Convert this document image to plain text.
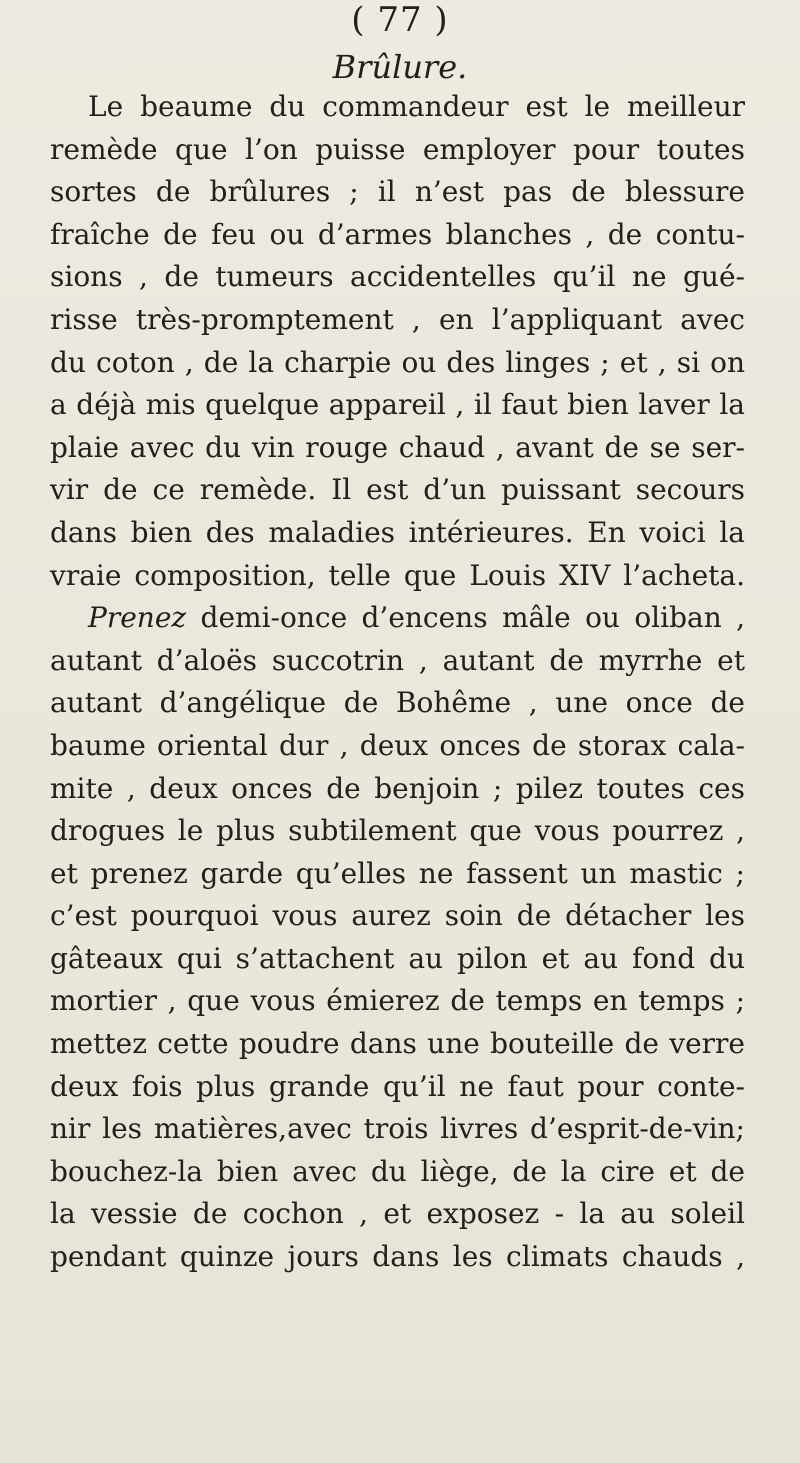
( 77 )
Brûlure.
Le beaume du commandeur est le meilleur
remède que l’on puisse employer pour toutes
sortes de brûlures ; il n’est pas de blessure
fraîche de feu ou d’armes blanches , de contu-
sions , de tumeurs accidentelles qu’il ne gué-
risse très-promptement , en l’appliquant avec
du coton , de la charpie ou des linges ; et , si on
a déjà mis quelque appareil , il faut bien laver la
plaie avec du vin rouge chaud , avant de se ser-
vir de ce remède. Il est d’un puissant secours
dans bien des maladies intérieures. En voici la
vraie composition, telle que Louis XIV l’acheta.
Prenez demi-once d’encens mâle ou oliban ,
autant d’aloës succotrin , autant de myrrhe et
autant d’angélique de Bohême , une once de
baume oriental dur , deux onces de storax cala-
mite , deux onces de benjoin ; pilez toutes ces
drogues le plus subtilement que vous pourrez ,
et prenez garde qu’elles ne fassent un mastic ;
c’est pourquoi vous aurez soin de détacher les
gâteaux qui s’attachent au pilon et au fond du
mortier , que vous émierez de temps en temps ;
mettez cette poudre dans une bouteille de verre
deux fois plus grande qu’il ne faut pour conte-
nir les matières,avec trois livres d’esprit-de-vin;
bouchez-la bien avec du liège, de la cire et de
la vessie de cochon , et exposez - la au soleil
pendant quinze jours dans les climats chauds ,
